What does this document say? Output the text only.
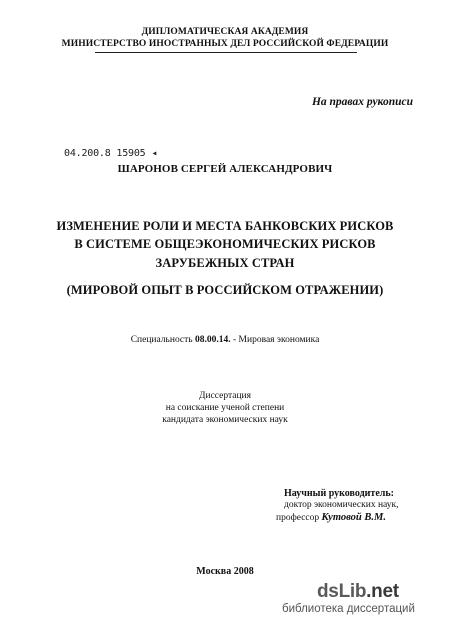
ДИПЛОМАТИЧЕСКАЯ АКАДЕМИЯ
МИНИСТЕРСТВО ИНОСТРАННЫХ ДЕЛ РОССИЙСКОЙ ФЕДЕРАЦИИ
На правах рукописи
04.200.8 15905 ◂
ШАРОНОВ СЕРГЕЙ АЛЕКСАНДРОВИЧ
ИЗМЕНЕНИЕ РОЛИ И МЕСТА БАНКОВСКИХ РИСКОВ
В СИСТЕМЕ ОБЩЕЭКОНОМИЧЕСКИХ РИСКОВ
ЗАРУБЕЖНЫХ СТРАН
(МИРОВОЙ ОПЫТ В РОССИЙСКОМ ОТРАЖЕНИИ)
Специальность 08.00.14. - Мировая экономика
Диссертация
на соискание ученой степени
кандидата экономических наук
Научный руководитель:
доктор экономических наук,
профессор Кутовой В.М.
Москва 2008
dsLib.net
библиотека диссертаций
